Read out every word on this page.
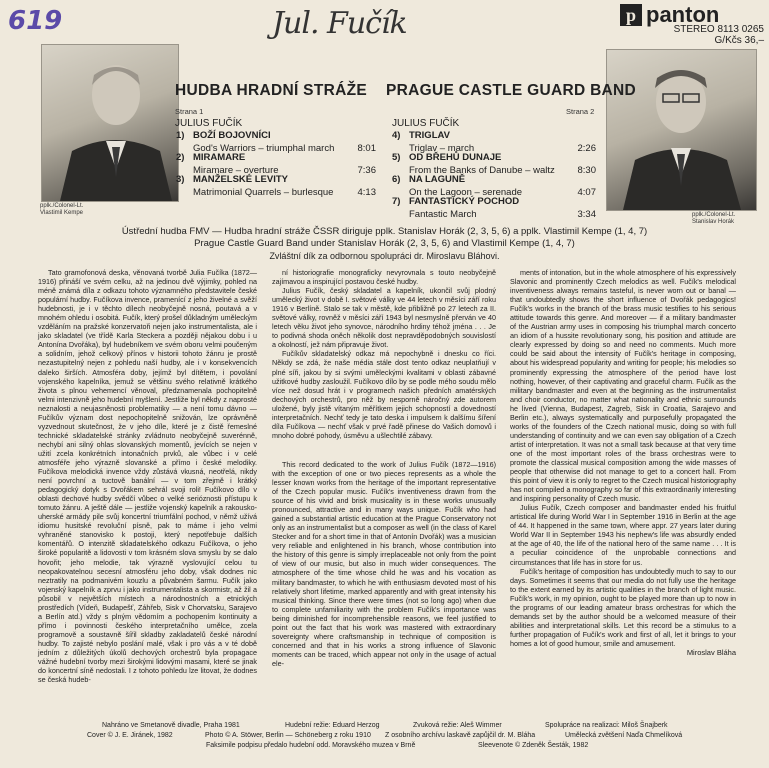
619	Jul. Fučík	p panton
STEREO 8113 0265
G/Kčs 36,–
pplk./Colonel-Lt.
Vlastimil Kempe	pplk./Colonel-Lt.
Stanislav Horák
HUDBA HRADNÍ STRÁŽE PRAGUE CASTLE GUARD BAND
Strana 1
JULIUS FUČÍK
1) BOŽÍ BOJOVNÍCI
God's Warriors – triumphal march	8:01
2) MIRAMARE
Miramare – overture	7:36
3) MANŽELSKÉ LEVITY
Matrimonial Quarrels – burlesque	4:13
Strana 2
JULIUS FUČÍK
4) TRIGLAV
Triglav – march	2:26
5) OD BŘEHŮ DUNAJE
From the Banks of Danube – waltz	8:30
6) NA LAGUNĚ
On the Lagoon – serenade	4:07
7) FANTASTICKÝ POCHOD
Fantastic March	3:34
Ústřední hudba FMV — Hudba hradní stráže ČSSR diriguje pplk. Stanislav Horák (2, 3, 5, 6) a pplk. Vlastimil Kempe (1, 4, 7)
Prague Castle Guard Band under Stanislav Horák (2, 3, 5, 6) and Vlastimil Kempe (1, 4, 7)
Zvláštní dík za odbornou spolupráci dr. Miroslavu Bláhovi.

Tato gramofonová deska, věnovaná tvorbě Julia Fučíka (1872—1916) přináší ve svém celku, až na jedinou dvě výjimky, pohled na méně známá díla z odkazu tohoto významného představitele české populární hudby. Fučíkova invence, pramenící z jeho živelné a svěží hudebnosti, je i v těchto dílech neobyčejně nosná, poutavá a v mnohém ohledu i osobitá. Fučík, který prošel důkladným uměleckým vzděláním na pražské konzervatoři nejen jako instrumentalista, ale i jako skladatel (ve třídě Karla Steckera a později nějakou dobu i u Antonína Dvořáka), byl hudebníkem ve svém oboru velmi poučeným a solidním, jehož celkový přínos v historii tohoto žánru je prostě nezastupitelný nejen z pohledu naší hudby, ale i v konsekvencích daleko širších. Atmosféra doby, jejímž byl dítětem, i povolání vojenského kapelníka, jemuž se většinu svého relativně krátkého života s plnou vehemencí věnoval, předznamenala pochopitelně velmi intenzivně jeho hudební myšlení. Jestliže byl někdy z naprosté neznalosti a neujasněnosti problematiky — a není tomu dávno — Fučíkův význam dost nepochopitelně snižován, lze oprávněně vyzvednout skutečnost, že v jeho díle, které je z čistě řemeslné technické skladatelské stránky zvládnuto neobyčejně suverénně, nechybí ani silný ohlas slovanských momentů, jevících se nejen v užití zcela konkrétních intonačních prvků, ale vůbec i v celé atmosféře jeho výrazně slovanské a přímo i české melodiky. Fučíkova melodická invence vždy zůstává vkusná, neotřelá, nikdy není povrchní a tuctově banální — v tom zřejmě i krátký pedagogický dotyk s Dvořákem sehrál svoji roli! Fučíkovo dílo v oblasti dechové hudby svědčí vůbec o velké serióznosti přístupu k tomuto žánru. A ještě dále — jestliže vojenský kapelník a rakousko-uherské armády pile svůj koncertní triumfální pochod, v němž užívá idiomu husitské revoluční písně, pak to máme i jeho velmi vyhraněné stanovisko k postoji, který nepotřebuje dalších komentářů. O intenzitě skladatelského odkazu Fučíkova, o jeho široké popularitě a lidovosti v tom krásném slova smyslu by se dalo hovořit; jeho melodie, tak výrazně vyslovující celou tu neopakovatelnou secesní atmosféru jeho doby, však dodnes nic neztratily na podmanivém kouzlu a půvabném šarmu. Fučík jako vojenský kapelník a zprvu i jako instrumentalista a skormistr, až žil a působil v největších místech a národnostních a etnických prostředích (Vídeň, Budapešť, Záhřeb, Sisk v Chorvatsku, Sarajevo a Berlín atd.) vždy s plným vědomím a pochopením kontinuity a přímo i povinnosti českého interpretačního umělce, zcela programově a soustavně šířil skladby zakladatelů české národní hudby. To zajisté nebylo poslání malé, však i pro vás a v té době jedním z důležitých úkolů dechových orchestrů byla propagace vážné hudební tvorby mezi širokými lidovými masami, které se jinak do koncertní síně nedostali. I z tohoto pohledu lze litovat, že dodnes se česká hudeb-

ní historiografie monograficky nevyrovnala s touto neobyčejně zajímavou a inspirující postavou české hudby.

Julius Fučík, český skladatel a kapelník, ukončil svůj plodný umělecký život v době I. světové války ve 44 letech v měsíci září roku 1916 v Berlíně. Stalo se tak v městě, kde přibližně po 27 letech za II. světové války, rovněž v měsíci září 1943 byl nesmyslně přerván ve 40 letech věku život jeho synovce, národního hrdiny téhož jména . . . Je to podivná shoda oněch několik dost nepravděpodobných souvislostí a okolností, jež nám připravuje život.

Fučíkův skladatelský odkaz má nepochybně i dnesku co říci. Někdy se zdá, že naše média stále dost tento odkaz neuplatňují v plné síři, jakou by si svými uměleckými kvalitami v oblasti zábavné užitkové hudby zasloužil. Fučíkovo dílo by se podle mého soudu mělo více než dosud hrát i v programech našich předních amatérských dechových orchestrů, pro něž by nesporně náročný zde autorem uložené, byly jistě vítaným měřítkem jejich schopností a dovedností interpretačních. Nechť tedy je tato deska i impulsem k dalšímu šíření díla Fučíkova — nechť však v prvé řadě přinese do Vašich domovů i mnoho dobré pohody, úsměvu a ušlechtilé zábavy.

This record dedicated to the work of Julius Fučík (1872—1916) with the exception of one or two pieces represents as a whole the lesser known works from the heritage of the important representative of the Czech popular music. Fučík's inventiveness drawn from the source of his vivid and brisk musicality is in these works unusually pronounced, attractive and in many ways unique. Fučík who had gained a substantial artistic education at the Prague Conservatory not only as an instrumentalist but a composer as well (in the class of Karel Stecker and for a short time in that of Antonín Dvořák) was a musician very reliable and enlightened in his branch, whose contribution into the history of this genre is simply irreplaceable not only from the point of view of our music, but also in much wider consequences. The atmosphere of the time whose child he was and his vocation as military bandmaster, to which he with enthusiasm devoted most of his relatively short lifetime, marked apparently and with great intensity his musical thinking. Since there were times (not so long ago) when due to complete unfamiliarity with the problem Fučík's importance was being diminished for incomprehensible reasons, we feel justified to point out the fact that his work was mastered with extraordinary sovereignty where craftsmanship in technique of composition is concerned and that in his works a strong influence of Slavonic moments can be traced, which appear not only in the usage of actual ele-

ments of intonation, but in the whole atmosphere of his expressively Slavonic and prominently Czech melodics as well. Fučík's melodical inventiveness always remains tasteful, is never worn out or banal — that undoubtedly shows the short influence of Dvořák pedagogics! Fučík's works in the branch of the brass music testifies to his serious attitude towards this genre. And moreover — if a military bandmaster of the Austrian army uses in composing his triumphal march concerto an idiom of a hussite revolutionary song, his position and attitude are clearly expressed by doing so and need no comments. Much more could be said about the intensity of Fučík's heritage in composing, about his widespread popularity and writing for people; his melodies so prominently expressing the atmosphere of the period have lost nothing, however, of their captivating and graceful charm. Fučík as the military bandmaster and even at the beginning as the instrumentalist and choir conductor, no matter what nationality and ethnic surrounds he lived (Vienna, Budapest, Zagreb, Sisk in Croatia, Sarajevo and Berlin etc.), always systematically and purposefully propagated the works of the founders of the Czech national music, doing so with full understanding of continuity and we can even say obligation of a Czech artist of interpretation. It was not a small task because at that very time one of the most important roles of the brass orchestras were to promote the classical musical composition among the wide masses of people that otherwise did not manage to get to a concert hall. From this point of view it is only to regret to the Czech musical historiography has not compiled a monography so far of this extraordinarily interesting and inspiring personality of Czech music.

Julius Fučík, Czech composer and bandmaster ended his fruitful artistical life during World War I in September 1916 in Berlin at the age of 44. It happened in the same town, where appr. 27 years later during World War II in September 1943 his nephew's life was absurdly ended at the age of 40, the life of the national hero of the same name . . . It is a peculiar coincidence of the unprobable connections and circumstances that life has in store for us.

Fučík's heritage of composition has undoubtedly much to say to our days. Sometimes it seems that our media do not fully use the heritage to the extent earned by its artistic qualities in the branch of light music. Fučík's work, in my opinion, ought to be played more than up to now in the programs of our leading amateur brass orchestras for which the demands set by the author should be a welcomed measure of their abilities and interpretational skills. Let this record be a stimulus to a further propagation of Fučík's work and first of all, let it brings to your homes a lot of good humour, smile and amusement.

Miroslav Bláha
Nahráno ve Smetanově divadle, Praha 1981	Hudební režie: Eduard Herzog	Zvuková režie: Aleš Wimmer	Spolupráce na realizaci: Miloš Šnajberk
Cover © J. E. Jiránek, 1982	Photo © A. Stöwer, Berlin — Schöneberg z roku 1910 Z osobního archívu laskavě zapůjčil dr. M. Bláha	Umělecká zvětšení Naďa Chmelíková
Faksimile podpisu předalo hudební odd. Moravského muzea v Brně	Sleevenote © Zdeněk Šesták, 1982
